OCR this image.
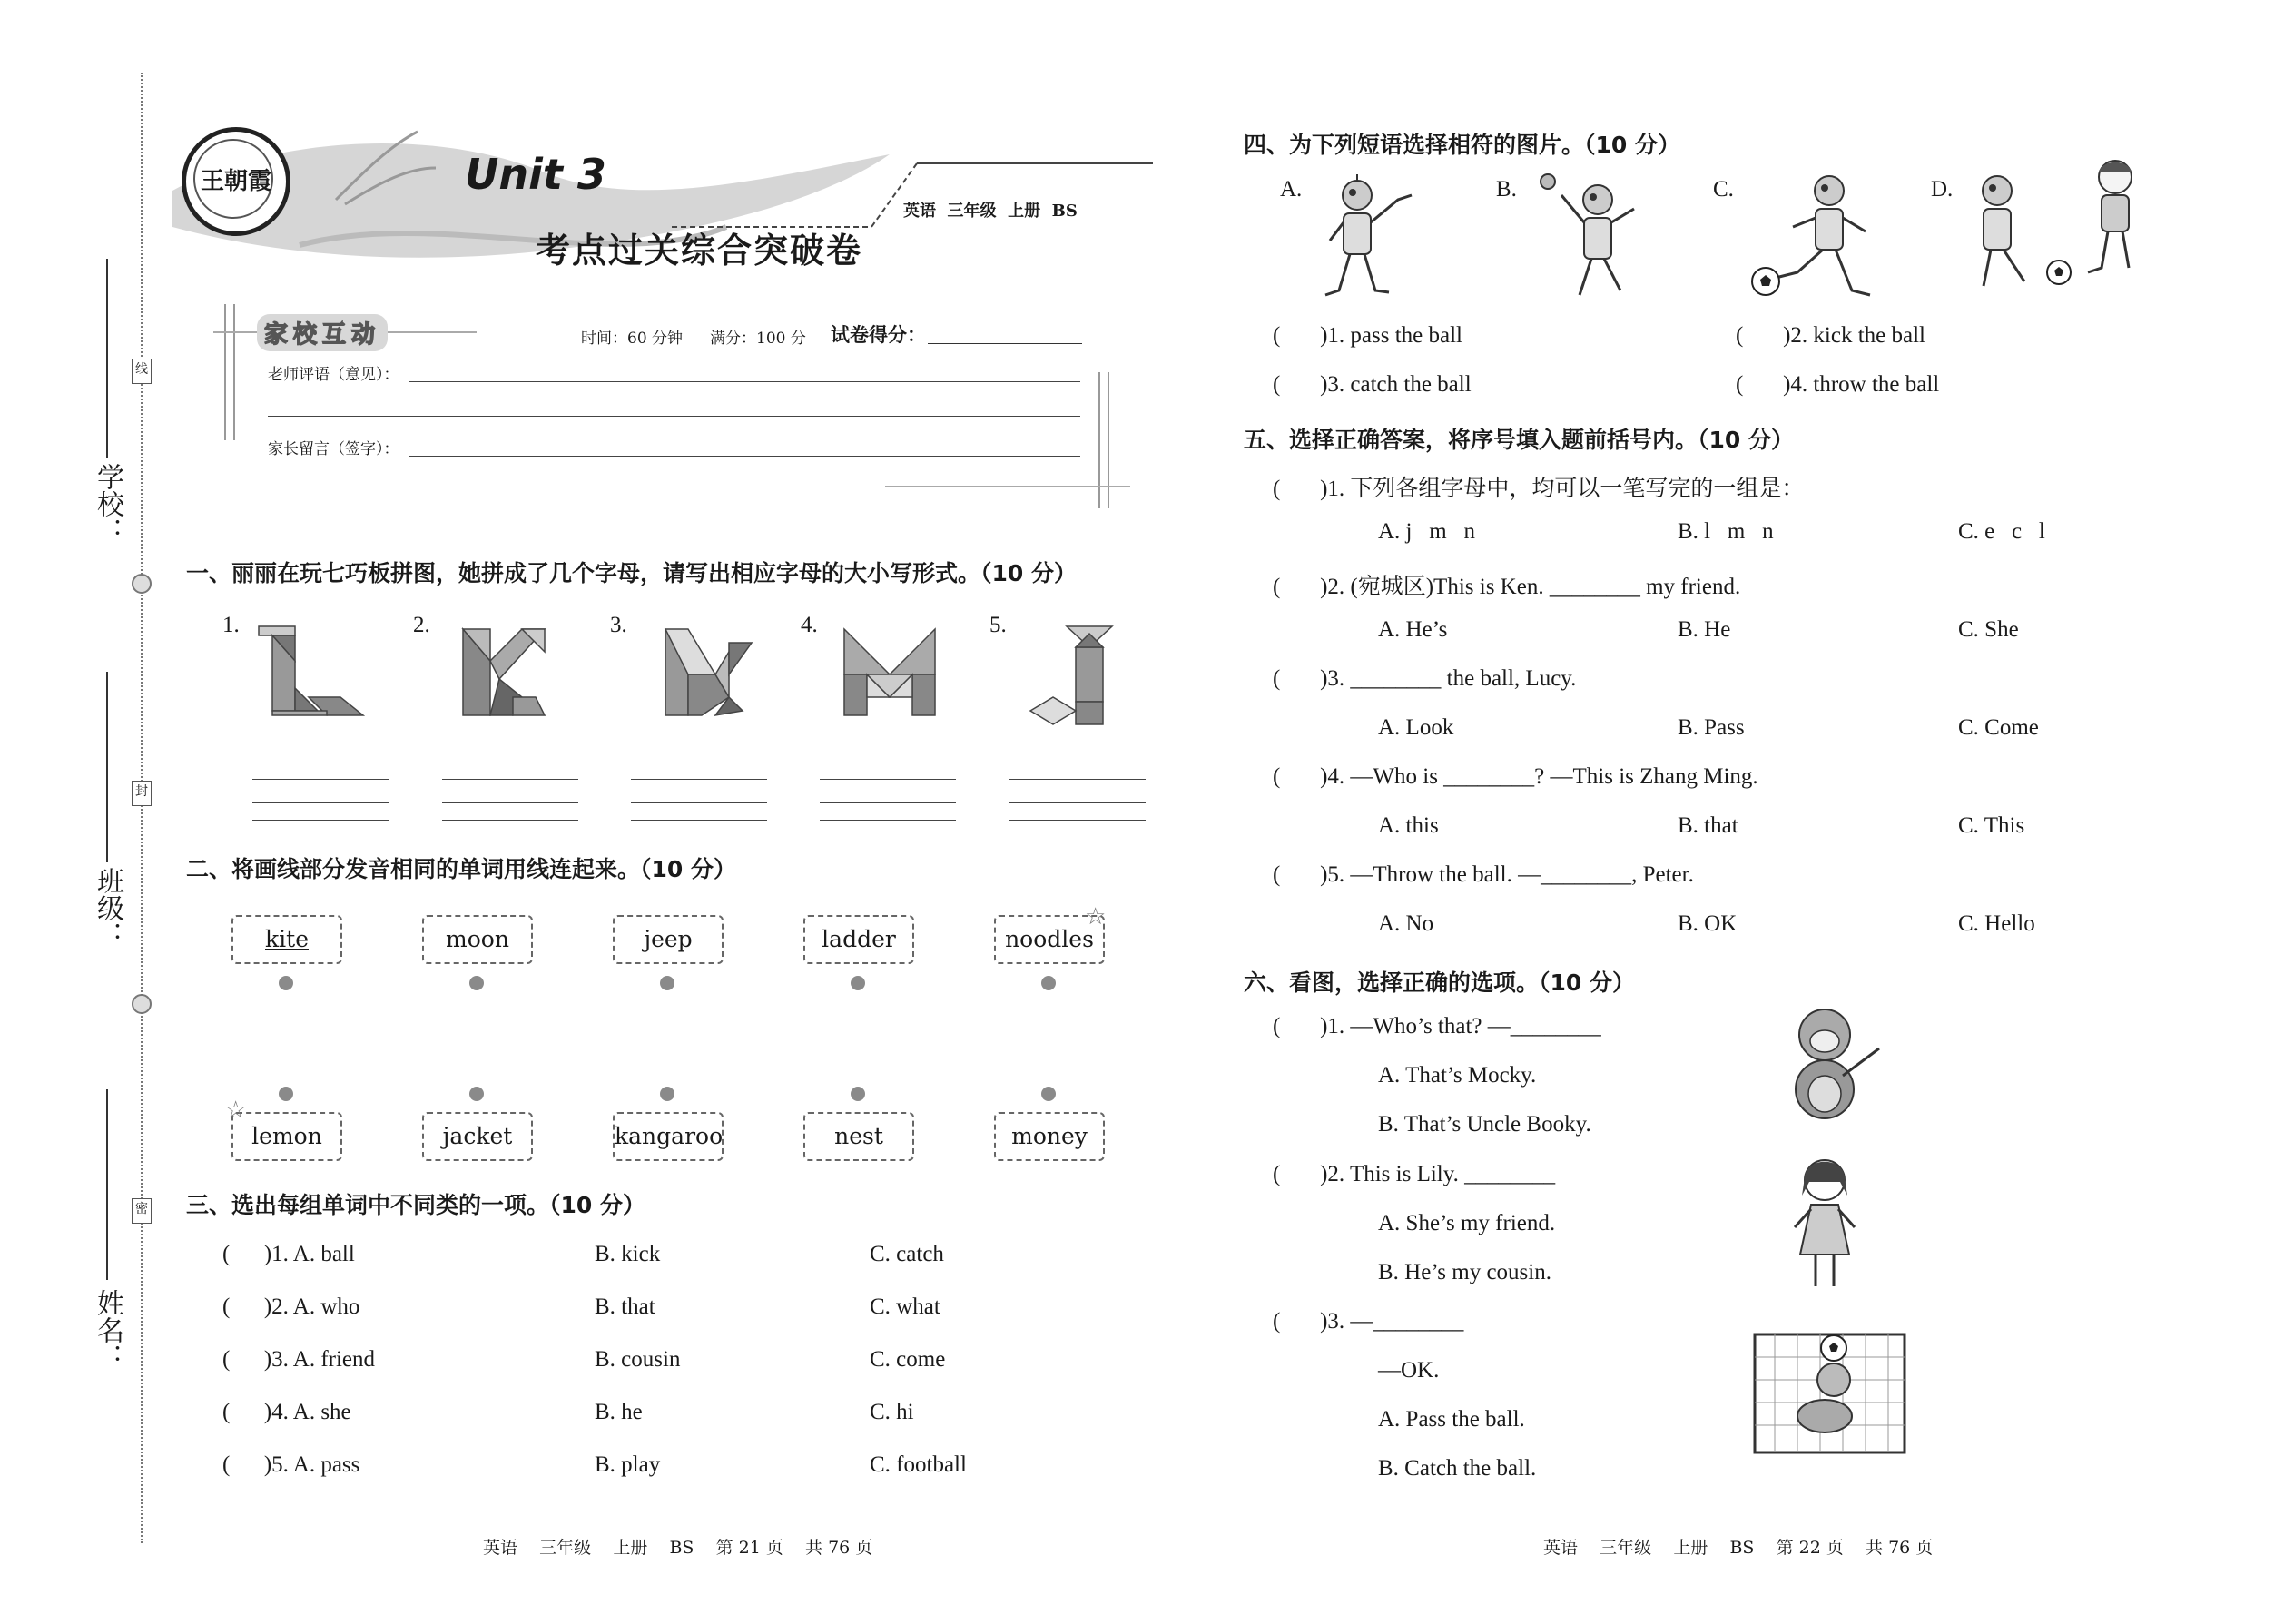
学校：
班级：
姓名：
线
封
密
王朝霞	Unit 3
考点过关综合突破卷
英语  三年级  上册  BS
家校互动	时间：60 分钟 满分：100 分 试卷得分：
老师评语（意见）：
家长留言（签字）：
一、丽丽在玩七巧板拼图，她拼成了几个字母，请写出相应字母的大小写形式。（10 分）
1.	2.	3.	4.	5.
二、将画线部分发音相同的单词用线连起来。（10 分）
kite	moon	jeep	ladder	noodles
☆
lemon
☆
jacket	kangaroo	nest	money
三、选出每组单词中不同类的一项。（10 分）
(      )1. A. ball	B. kick	C. catch
(      )2. A. who	B. that	C. what
(      )3. A. friend	B. cousin	C. come
(      )4. A. she	B. he	C. hi
(      )5. A. pass	B. play	C. football
英语    三年级    上册    BS    第 21 页    共 76 页
四、为下列短语选择相符的图片。（10 分）
A.	B.	C.	D.
(       )1. pass the ball	(       )2. kick the ball
(       )3. catch the ball	(       )4. throw the ball
五、选择正确答案，将序号填入题前括号内。（10 分）
(       )1. 下列各组字母中，均可以一笔写完的一组是：
A. j   m   n	B. l   m   n	C. e   c   l
(       )2. (宛城区)This is Ken. ________ my friend.
A. He’s	B. He	C. She
(       )3. ________ the ball, Lucy.
A. Look	B. Pass	C. Come
(       )4. —Who is ________? —This is Zhang Ming.
A. this	B. that	C. This
(       )5. —Throw the ball. —________, Peter.
A. No	B. OK	C. Hello
六、看图，选择正确的选项。（10 分）
(       )1. —Who’s that? —________
A. That’s Mocky.
B. That’s Uncle Booky.
(       )2. This is Lily. ________
A. She’s my friend.
B. He’s my cousin.
(       )3. —________
—OK.
A. Pass the ball.
B. Catch the ball.
英语    三年级    上册    BS    第 22 页    共 76 页
